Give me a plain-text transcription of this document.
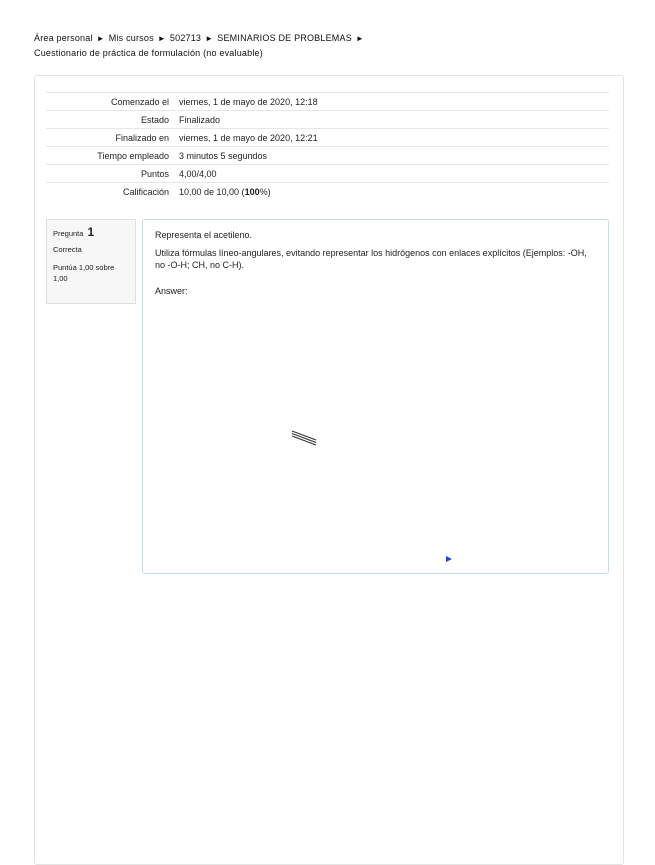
Área personal ► Mis cursos ► 502713 ► SEMINARIOS DE PROBLEMAS ►
Cuestionario de práctica de formulación (no evaluable)
Comenzado el	viernes, 1 de mayo de 2020, 12:18
Estado	Finalizado
Finalizado en	viernes, 1 de mayo de 2020, 12:21
Tiempo empleado	3 minutos 5 segundos
Puntos	4,00/4,00
Calificación	10,00 de 10,00 (100%)
Pregunta 1
Correcta
Puntúa 1,00 sobre 1,00

Representa el acetileno.

Utiliza fórmulas líneo-angulares, evitando representar los hidrógenos con enlaces explícitos (Ejemplos: -OH, no -O-H; CH, no C-H).

Answer:
